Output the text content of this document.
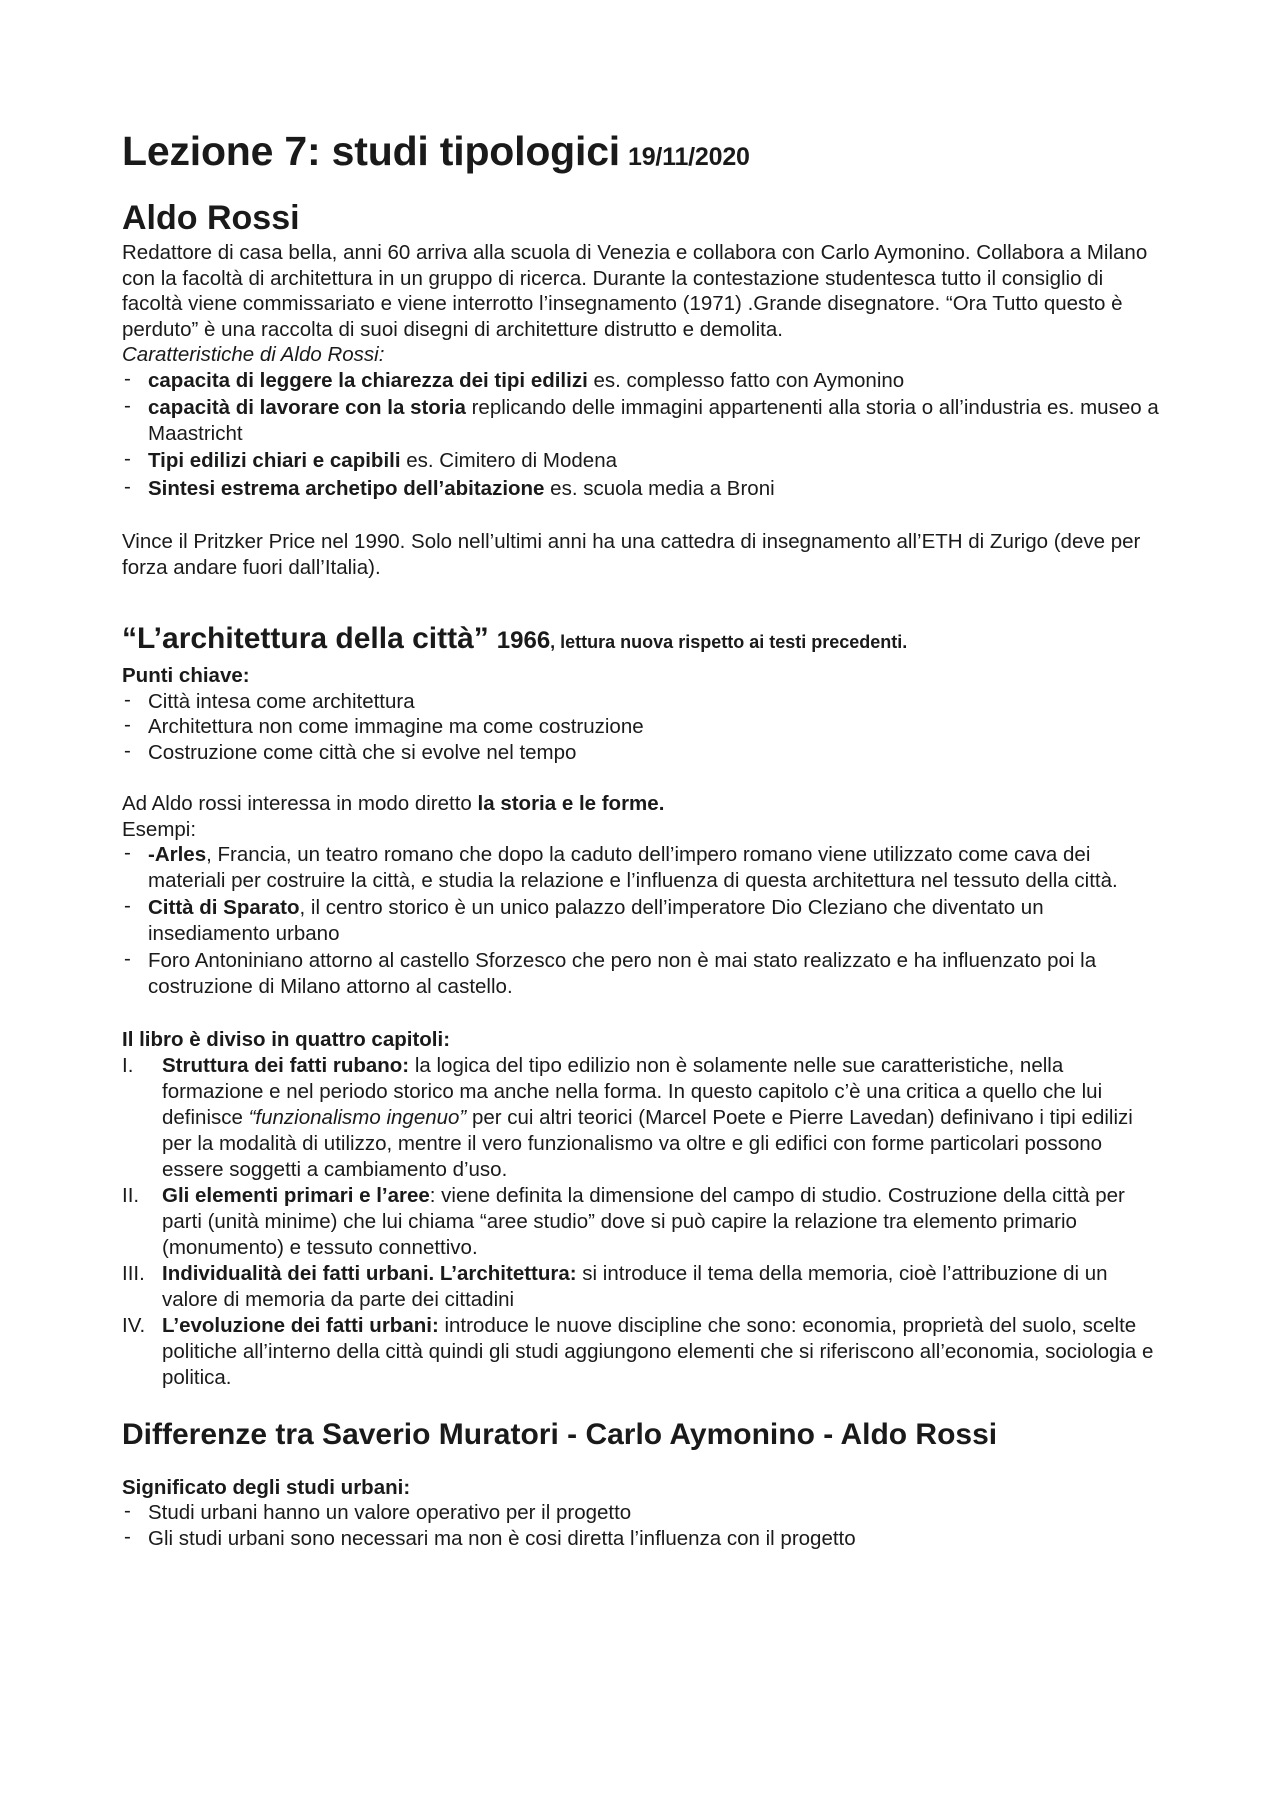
Lezione 7: studi tipologici 19/11/2020
Aldo Rossi

Redattore di casa bella, anni 60 arriva alla scuola di Venezia e collabora con Carlo Aymonino. Collabora a Milano con la facoltà di architettura in un gruppo di ricerca. Durante la contestazione studentesca tutto il consiglio di facoltà viene commissariato e viene interrotto l’insegnamento (1971) .Grande disegnatore. “Ora Tutto questo è perduto” è una raccolta di suoi disegni di architetture distrutto e demolita.

Caratteristiche di Aldo Rossi:

- capacita di leggere la chiarezza dei tipi edilizi es. complesso fatto con Aymonino
- capacità di lavorare con la storia replicando delle immagini appartenenti alla storia o all’industria es. museo a Maastricht
- Tipi edilizi chiari e capibili es. Cimitero di Modena
- Sintesi estrema archetipo dell’abitazione es. scuola media a Broni

Vince il Pritzker Price nel 1990. Solo nell’ultimi anni ha una cattedra di insegnamento all’ETH di Zurigo (deve per forza andare fuori dall’Italia).

“L’architettura della città” 1966, lettura nuova rispetto ai testi precedenti.

Punti chiave:

- Città intesa come architettura
- Architettura non come immagine ma come costruzione
- Costruzione come città che si evolve nel tempo

Ad Aldo rossi interessa in modo diretto la storia e le forme.

Esempi:

- -Arles, Francia, un teatro romano che dopo la caduto dell’impero romano viene utilizzato come cava dei materiali per costruire la città, e studia la relazione e l’influenza di questa architettura nel tessuto della città.
- Città di Sparato, il centro storico è un unico palazzo dell’imperatore Dio Cleziano che diventato un insediamento urbano
- Foro Antoniniano attorno al castello Sforzesco che pero non è mai stato realizzato e ha influenzato poi la costruzione di Milano attorno al castello.

Il libro è diviso in quattro capitoli:

I. Struttura dei fatti rubano: la logica del tipo edilizio non è solamente nelle sue caratteristiche, nella formazione e nel periodo storico ma anche nella forma. In questo capitolo c’è una critica a quello che lui definisce “funzionalismo ingenuo” per cui altri teorici (Marcel Poete e Pierre Lavedan) definivano i tipi edilizi per la modalità di utilizzo, mentre il vero funzionalismo va oltre e gli edifici con forme particolari possono essere soggetti a cambiamento d’uso.
II. Gli elementi primari e l’aree: viene definita la dimensione del campo di studio. Costruzione della città per parti (unità minime) che lui chiama “aree studio” dove si può capire la relazione tra elemento primario (monumento) e tessuto connettivo.
III. Individualità dei fatti urbani. L’architettura: si introduce il tema della memoria, cioè l’attribuzione di un valore di memoria da parte dei cittadini
IV. L’evoluzione dei fatti urbani: introduce le nuove discipline che sono: economia, proprietà del suolo, scelte politiche all’interno della città quindi gli studi aggiungono elementi che si riferiscono all’economia, sociologia e politica.
Differenze tra Saverio Muratori - Carlo Aymonino - Aldo Rossi

Significato degli studi urbani:

- Studi urbani hanno un valore operativo per il progetto
- Gli studi urbani sono necessari ma non è cosi diretta l’influenza con il progetto
